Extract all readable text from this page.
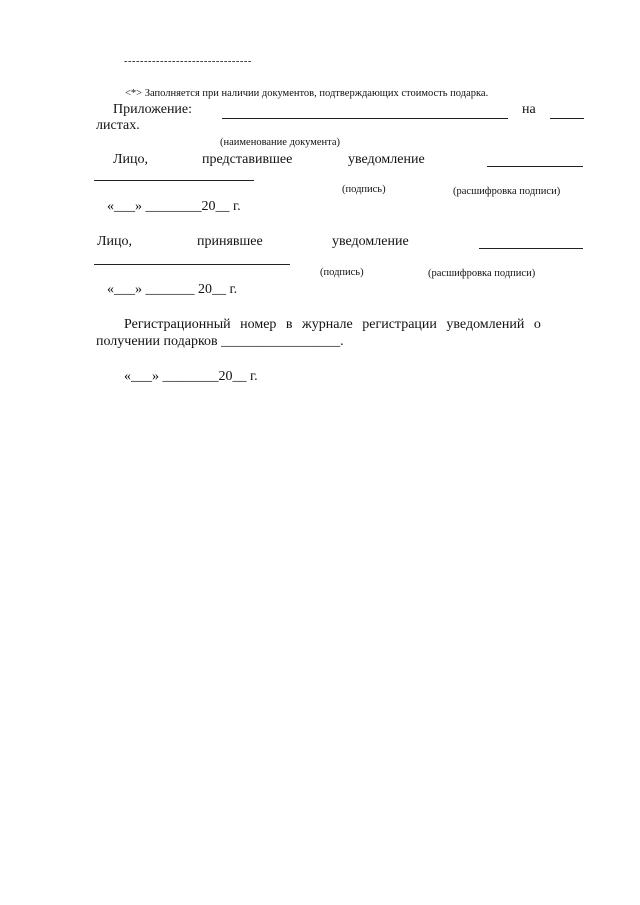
--------------------------------
<*> Заполняется при наличии документов, подтверждающих стоимость подарка.
Приложение:	на
листах.
(наименование документа)
Лицо,	представившее	уведомление
(подпись)	(расшифровка подписи)
«___» ________20__ г.
Лицо,	принявшее	уведомление
(подпись)	(расшифровка подписи)
«___» _______ 20__ г.
Регистрационный номер в журнале регистрации уведомлений о
получении подарков _________________.
«___» ________20__ г.
